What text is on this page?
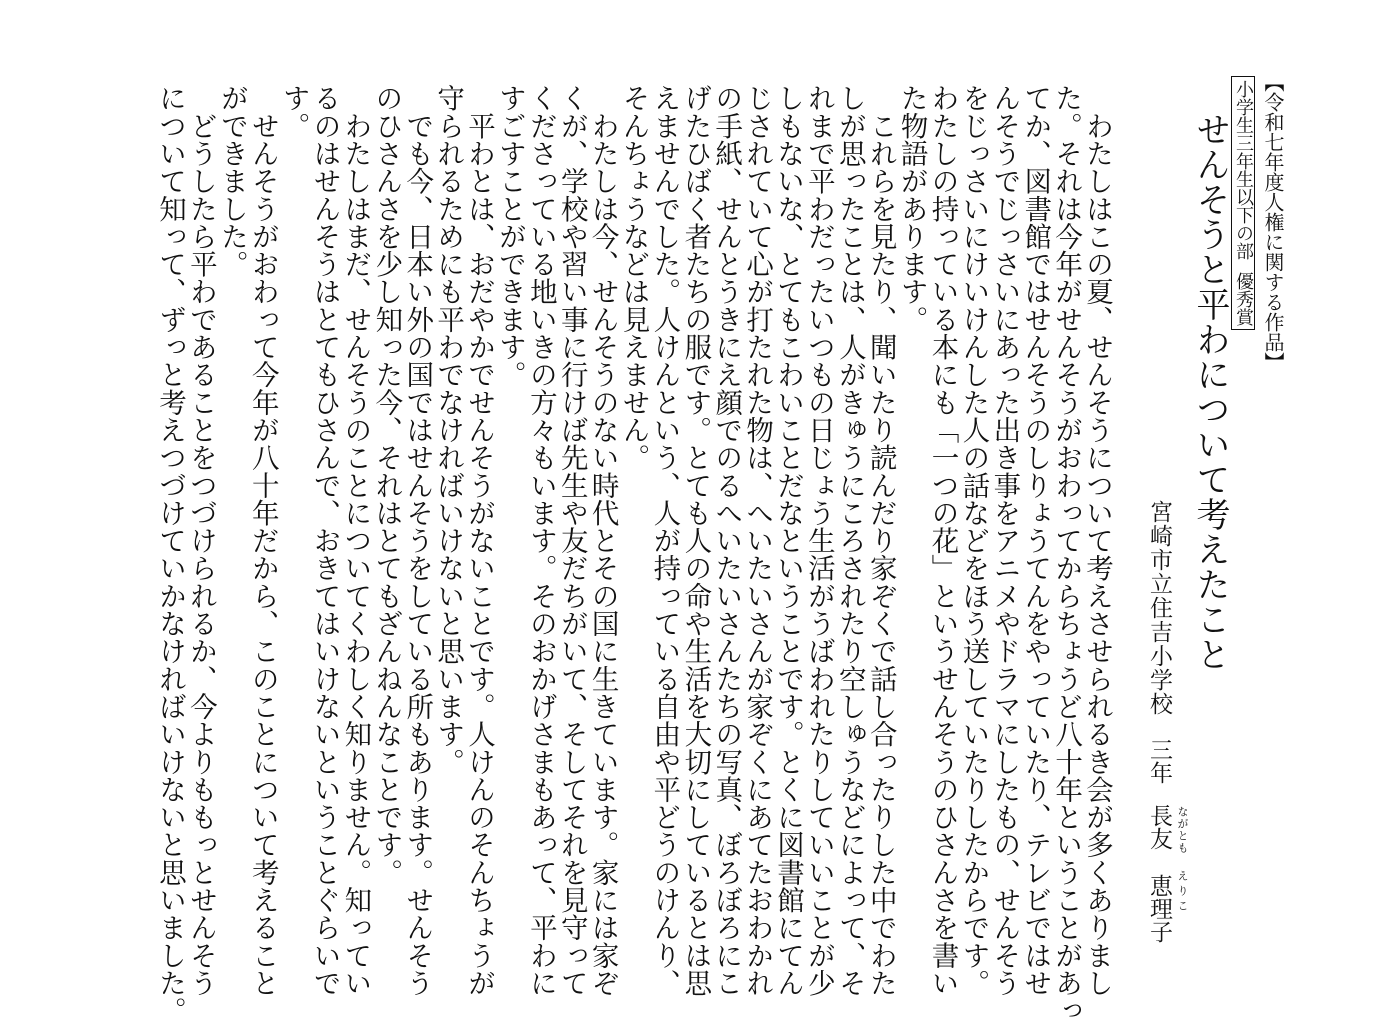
【令和七年度人権に関する作品】
小学生三年生以下の部優秀賞
せんそうと平わについて考えたこと
宮崎市立住吉小学校
三年
長友恵理子
ながとも
えりこ
　わたしはこの夏、せんそうについて考えさせられるき会が多くありまし
た。それは今年がせんそうがおわってからちょうど八十年ということがあっ
てか、図書館ではせんそうのしりょうてんをやっていたり、テレビではせ
んそうでじっさいにあった出き事をアニメやドラマにしたもの、せんそう
をじっさいにけいけんした人の話などをほう送していたりしたからです。
わたしの持っている本にも「一つの花」というせんそうのひさんさを書い
た物語があります。
　これらを見たり、聞いたり読んだり家ぞくで話し合ったりした中でわた
しが思ったことは、人がきゅうにころされたり空しゅうなどによって、そ
れまで平わだったいつもの日じょう生活がうばわれたりしていいことが少
しもないな、とてもこわいことだなということです。とくに図書館にてん
じされていて心が打たれた物は、へいたいさんが家ぞくにあてたおわかれ
の手紙、せんとうきにえ顔でのるへいたいさんたちの写真、ぼろぼろにこ
げたひばく者たちの服です。とても人の命や生活を大切にしているとは思
えませんでした。人けんという、人が持っている自由や平どうのけんり、
そんちょうなどは見えません。
　わたしは今、せんそうのない時代とその国に生きています。家には家ぞ
くが、学校や習い事に行けば先生や友だちがいて、そしてそれを見守って
くださっている地いきの方々もいます。そのおかげさまもあって、平わに
すごすことができます。
　平わとは、おだやかでせんそうがないことです。人けんのそんちょうが
守られるためにも平わでなければいけないと思います。
　でも今、日本い外の国ではせんそうをしている所もあります。せんそう
のひさんさを少し知った今、それはとてもざんねんなことです。
　わたしはまだ、せんそうのことについてくわしく知りません。知ってい
るのはせんそうはとてもひさんで、おきてはいけないということぐらいで
す。
　せんそうがおわって今年が八十年だから、このことについて考えること
ができました。
　どうしたら平わであることをつづけられるか、今よりももっとせんそう
について知って、ずっと考えつづけていかなければいけないと思いました。
